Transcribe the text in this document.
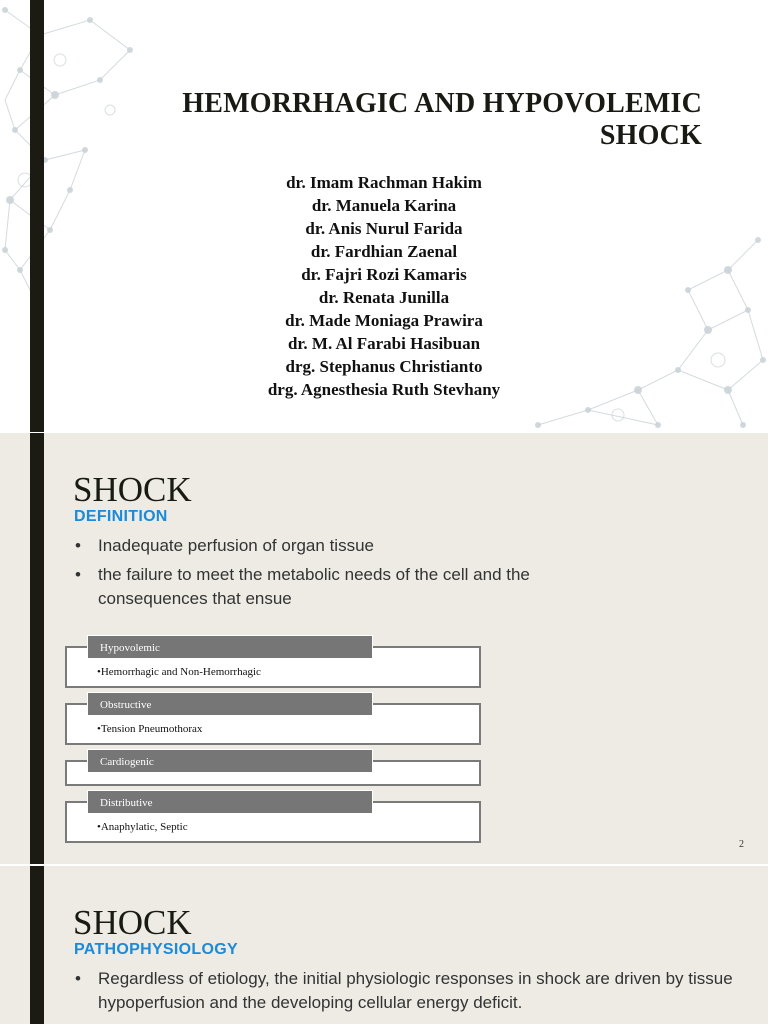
HEMORRHAGIC AND HYPOVOLEMIC SHOCK
dr. Imam Rachman Hakim
dr. Manuela Karina
dr. Anis Nurul Farida
dr. Fardhian Zaenal
dr. Fajri Rozi Kamaris
dr. Renata Junilla
dr. Made Moniaga Prawira
dr. M. Al Farabi Hasibuan
drg. Stephanus Christianto
drg. Agnesthesia Ruth Stevhany
SHOCK
DEFINITION
• Inadequate perfusion of organ tissue
• the failure to meet the metabolic needs of the cell and the consequences that ensue
Hypovolemic
•Hemorrhagic and Non-Hemorrhagic
Obstructive
•Tension Pneumothorax
Cardiogenic
Distributive
•Anaphylatic, Septic
2
SHOCK
PATHOPHYSIOLOGY
• Regardless of etiology, the initial physiologic responses in shock are driven by tissue hypoperfusion and the developing cellular energy deficit.
